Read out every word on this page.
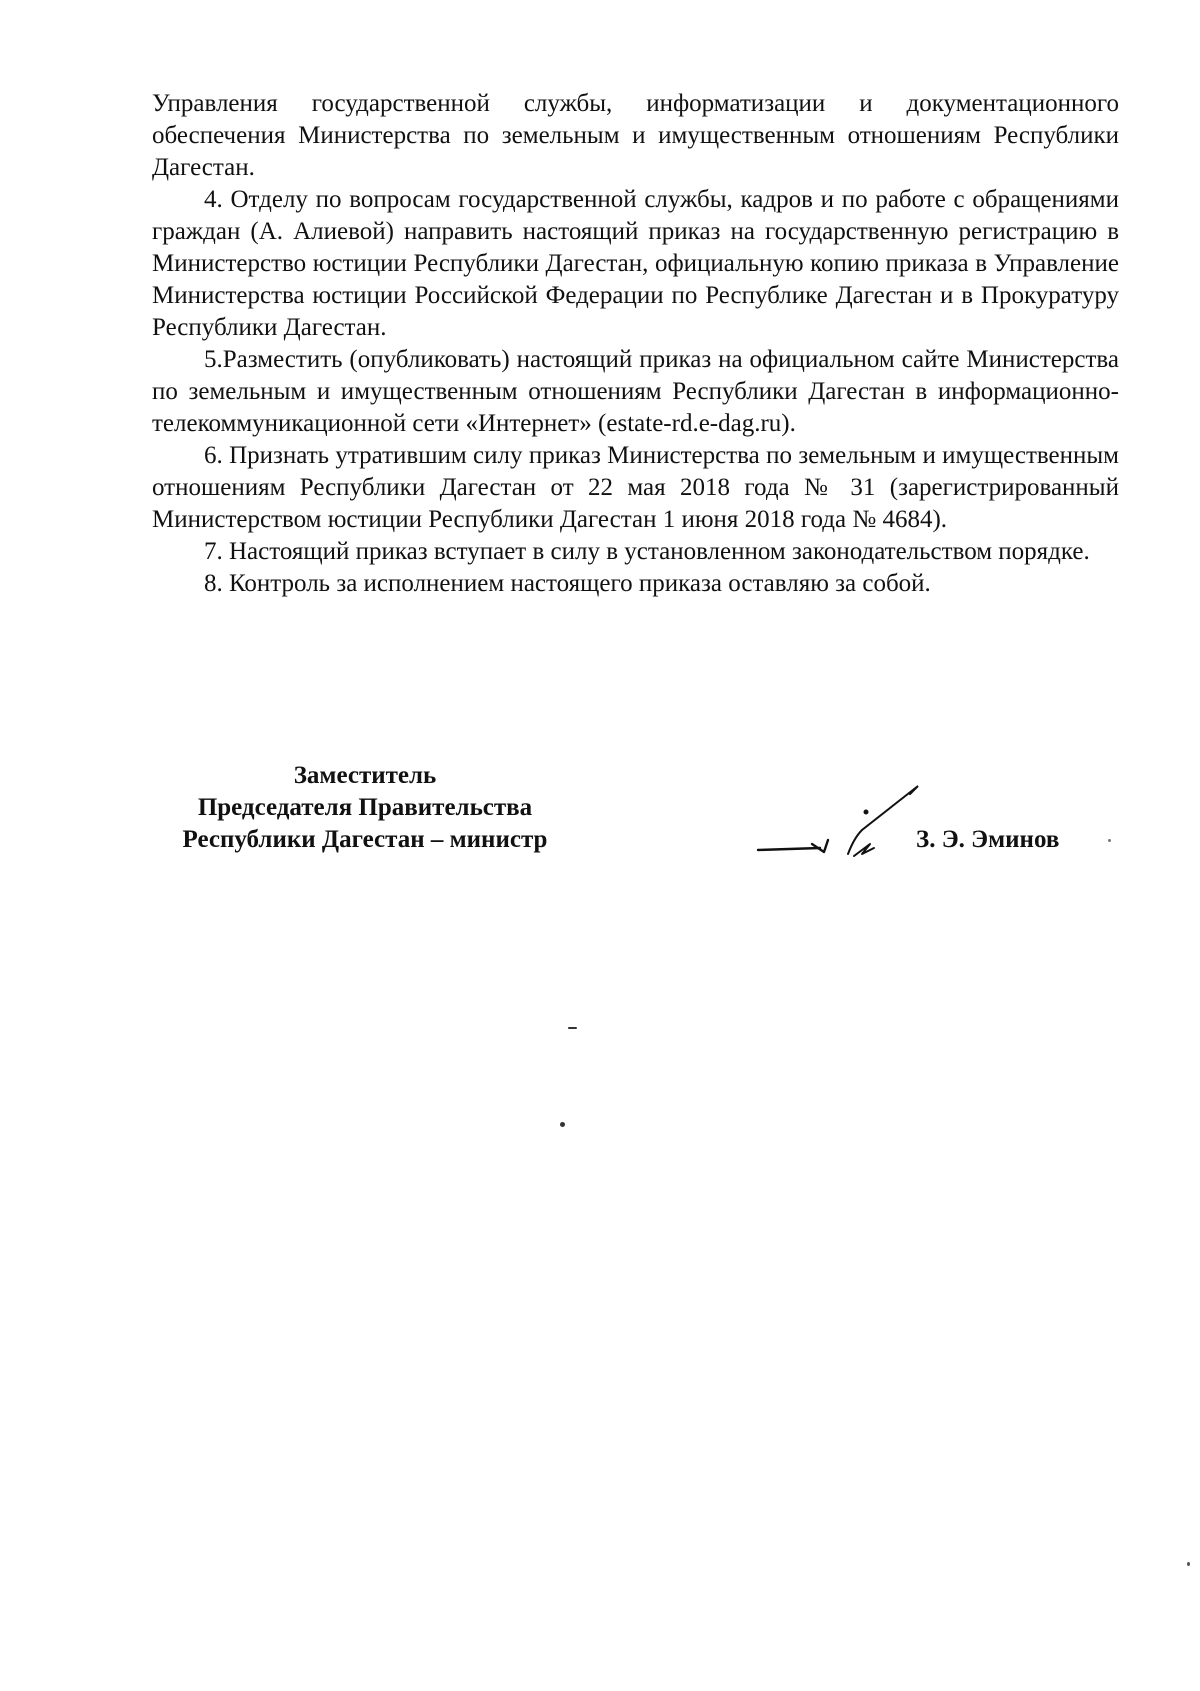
Управления государственной службы, информатизации и документационного обеспечения Министерства по земельным и имущественным отношениям Республики Дагестан.

4. Отделу по вопросам государственной службы, кадров и по работе с обращениями граждан (А. Алиевой) направить настоящий приказ на государственную регистрацию в Министерство юстиции Республики Дагестан, официальную копию приказа в Управление Министерства юстиции Российской Федерации по Республике Дагестан и в Прокуратуру Республики Дагестан.

5.Разместить (опубликовать) настоящий приказ на официальном сайте Министерства по земельным и имущественным отношениям Республики Дагестан в информационно-телекоммуникационной сети «Интернет» (estate-rd.e-dag.ru).

6. Признать утратившим силу приказ Министерства по земельным и имущественным отношениям Республики Дагестан от 22 мая 2018 года № 31 (зарегистрированный Министерством юстиции Республики Дагестан 1 июня 2018 года № 4684).

7. Настоящий приказ вступает в силу в установленном законодательством порядке.

8. Контроль за исполнением настоящего приказа оставляю за собой.

Заместитель
Председателя Правительства
Республики Дагестан – министр	З. Э. Эминов
